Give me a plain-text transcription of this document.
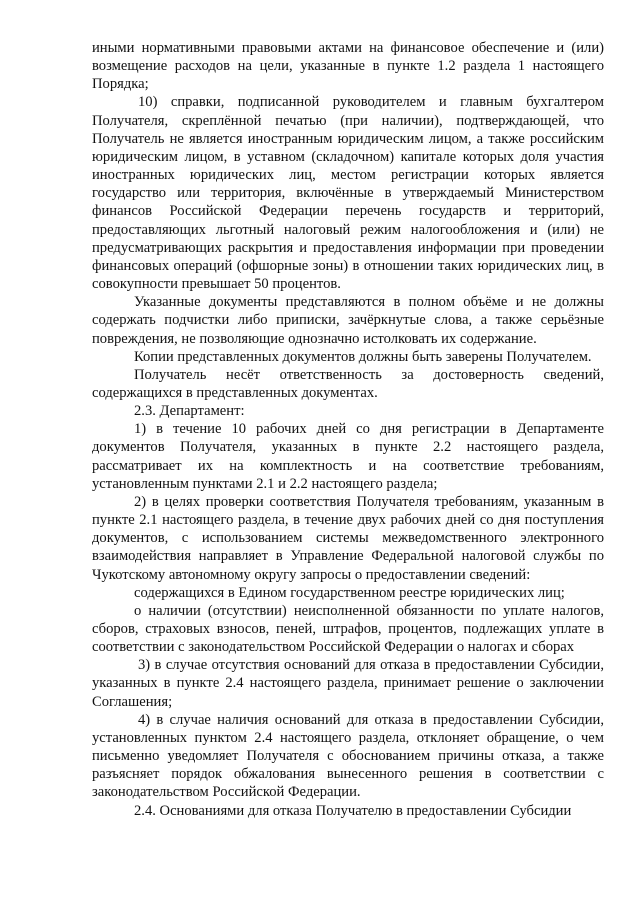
иными нормативными правовыми актами на финансовое обеспечение и (или) возмещение расходов на цели, указанные в пункте 1.2 раздела 1 настоящего Порядка;

10) справки, подписанной руководителем и главным бухгалтером Получателя, скреплённой печатью (при наличии), подтверждающей, что Получатель не является иностранным юридическим лицом, а также российским юридическим лицом, в уставном (складочном) капитале которых доля участия иностранных юридических лиц, местом регистрации которых является государство или территория, включённые в утверждаемый Министерством финансов Российской Федерации перечень государств и территорий, предоставляющих льготный налоговый режим налогообложения и (или) не предусматривающих раскрытия и предоставления информации при проведении финансовых операций (офшорные зоны) в отношении таких юридических лиц, в совокупности превышает 50 процентов.

Указанные документы представляются в полном объёме и не должны содержать подчистки либо приписки, зачёркнутые слова, а также серьёзные повреждения, не позволяющие однозначно истолковать их содержание.

Копии представленных документов должны быть заверены Получателем.

Получатель несёт ответственность за достоверность сведений, содержащихся в представленных документах.

2.3. Департамент:

1) в течение 10 рабочих дней со дня регистрации в Департаменте документов Получателя, указанных в пункте 2.2 настоящего раздела, рассматривает их на комплектность и на соответствие требованиям, установленным пунктами 2.1 и 2.2 настоящего раздела;

2) в целях проверки соответствия Получателя требованиям, указанным в пункте 2.1 настоящего раздела, в течение двух рабочих дней со дня поступления документов, с использованием системы межведомственного электронного взаимодействия направляет в Управление Федеральной налоговой службы по Чукотскому автономному округу запросы о предоставлении сведений:

содержащихся в Едином государственном реестре юридических лиц;

о наличии (отсутствии) неисполненной обязанности по уплате налогов, сборов, страховых взносов, пеней, штрафов, процентов, подлежащих уплате в соответствии с законодательством Российской Федерации о налогах и сборах

3) в случае отсутствия оснований для отказа в предоставлении Субсидии, указанных в пункте 2.4 настоящего раздела, принимает решение о заключении Соглашения;

4) в случае наличия оснований для отказа в предоставлении Субсидии, установленных пунктом 2.4 настоящего раздела, отклоняет обращение, о чем письменно уведомляет Получателя с обоснованием причины отказа, а также разъясняет порядок обжалования вынесенного решения в соответствии с законодательством Российской Федерации.

2.4. Основаниями для отказа Получателю в предоставлении Субсидии
